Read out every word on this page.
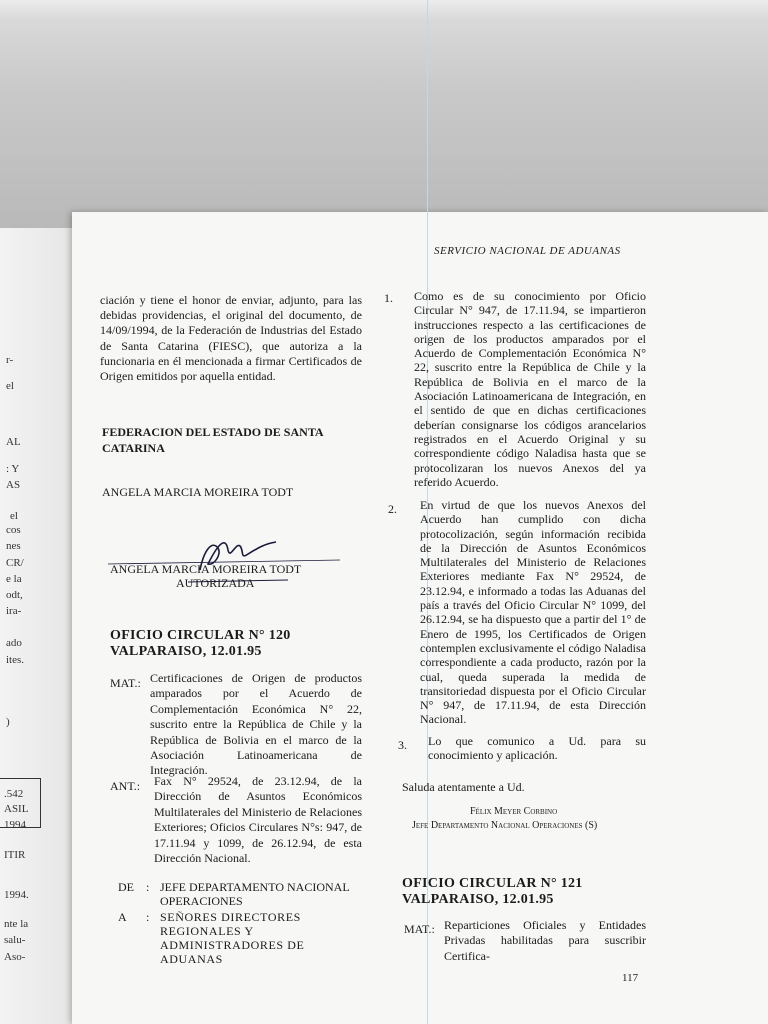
r-
el
AL
: Y
AS
el
cos
nes
CR/
e la
odt,
ira-
ado
ites.
)
.542
ASIL
1994
ITIR
1994.
nte la
salu-
Aso-
SERVICIO NACIONAL DE ADUANAS

ciación y tiene el honor de enviar, adjunto, para las debidas providencias, el original del documento, de 14/09/1994, de la Federación de Industrias del Estado de Santa Catarina (FIESC), que autoriza a la funcionaria en él mencionada a firmar Certificados de Origen emitidos por aquella entidad.

FEDERACION DEL ESTADO DE SANTA

CATARINA

ANGELA MARCIA MOREIRA TODT

ANGELA MARCIA MOREIRA TODT
AUTORIZADA
OFICIO CIRCULAR N° 120
VALPARAISO, 12.01.95
MAT.: Certificaciones de Origen de productos amparados por el Acuerdo de Complementación Económica N° 22, suscrito entre la República de Chile y la República de Bolivia en el marco de la Asociación Latinoamericana de Integración.
ANT.: Fax N° 29524, de 23.12.94, de la Dirección de Asuntos Económicos Multilaterales del Ministerio de Relaciones Exteriores; Oficios Circulares N°s: 947, de 17.11.94 y 1099, de 26.12.94, de esta Dirección Nacional.
DE : JEFE DEPARTAMENTO NACIONAL OPERACIONES
A : SEÑORES DIRECTORES REGIONALES Y ADMINISTRADORES DE ADUANAS
1. Como es de su conocimiento por Oficio Circular N° 947, de 17.11.94, se impartieron instrucciones respecto a las certificaciones de origen de los productos amparados por el Acuerdo de Complementación Económica N° 22, suscrito entre la República de Chile y la República de Bolivia en el marco de la Asociación Latinoamericana de Integración, en el sentido de que en dichas certificaciones deberían consignarse los códigos arancelarios registrados en el Acuerdo Original y su correspondiente código Naladisa hasta que se protocolizaran los nuevos Anexos del ya referido Acuerdo.
2. En virtud de que los nuevos Anexos del Acuerdo han cumplido con dicha protocolización, según información recibida de la Dirección de Asuntos Económicos Multilaterales del Ministerio de Relaciones Exteriores mediante Fax N° 29524, de 23.12.94, e informado a todas las Aduanas del país a través del Oficio Circular N° 1099, del 26.12.94, se ha dispuesto que a partir del 1° de Enero de 1995, los Certificados de Origen contemplen exclusivamente el código Naladisa correspondiente a cada producto, razón por la cual, queda superada la medida de transitoriedad dispuesta por el Oficio Circular N° 947, de 17.11.94, de esta Dirección Nacional.
3. Lo que comunico a Ud. para su conocimiento y aplicación.
Saluda atentamente a Ud.
Félix Meyer Corbino
Jefe Departamento Nacional Operaciones (S)
OFICIO CIRCULAR N° 121
VALPARAISO, 12.01.95
MAT.: Reparticiones Oficiales y Entidades Privadas habilitadas para suscribir Certifica-
117
